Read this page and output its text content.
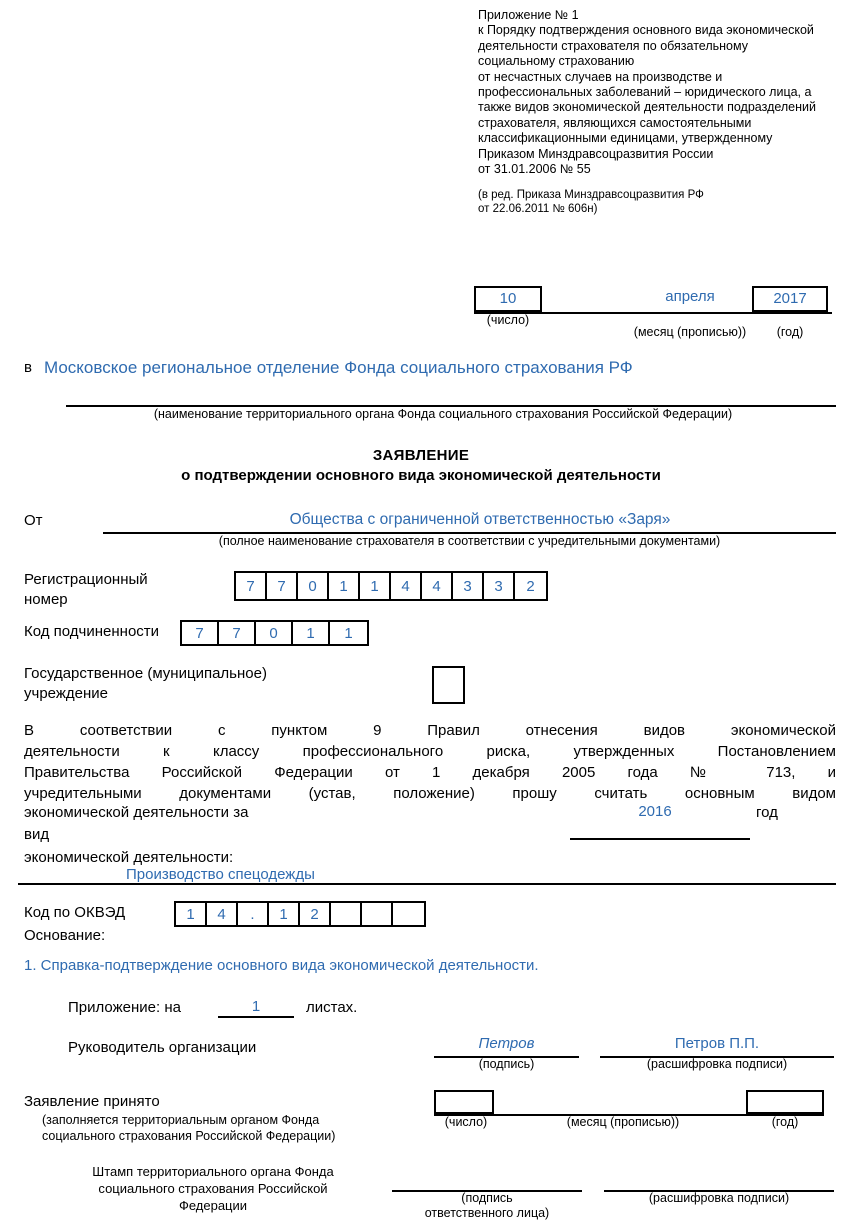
Приложение № 1
к Порядку подтверждения основного вида экономической деятельности страхователя по обязательному социальному страхованию
от несчастных случаев на производстве и профессиональных заболеваний – юридического лица, а также видов экономической деятельности подразделений страхователя, являющихся самостоятельными классификационными единицами, утвержденному Приказом Минздравсоцразвития России
от 31.01.2006 № 55
(в ред. Приказа Минздравсоцразвития РФ
от 22.06.2011 № 606н)
10	апреля	2017
(число)
(месяц (прописью))	(год)
в Московское региональное отделение Фонда социального страхования РФ
(наименование территориального органа Фонда социального страхования Российской Федерации)
ЗАЯВЛЕНИЕ
о подтверждении основного вида экономической деятельности
От	Общества с ограниченной ответственностью «Заря»
(полное наименование страхователя в соответствии с учредительными документами)
Регистрационный
номер
7	7	0	1	1	4	4	3	3	2
Код подчиненности	7	7	0	1	1
Государственное (муниципальное)
учреждение
В соответствии с пунктом 9 Правил отнесения видов экономической
деятельности к классу профессионального риска, утвержденных Постановлением
Правительства Российской Федерации от 1 декабря 2005 года № 713, и
учредительными документами (устав, положение) прошу считать основным видом
экономической деятельности за	2016	год
вид
экономической деятельности:
Производство спецодежды
Код по ОКВЭД	1	4	.	1	2
Основание:
1. Справка-подтверждение основного вида экономической деятельности.
Приложение: на	1	листах.
Руководитель организации	Петров
(подпись)
Петров П.П.
(расшифровка подписи)
Заявление принято
(заполняется территориальным органом Фонда
социального страхования Российской Федерации)
(число)	(месяц (прописью))	(год)
Штамп территориального органа Фонда
социального страхования Российской
Федерации	(подпись
ответственного лица)
(расшифровка подписи)
